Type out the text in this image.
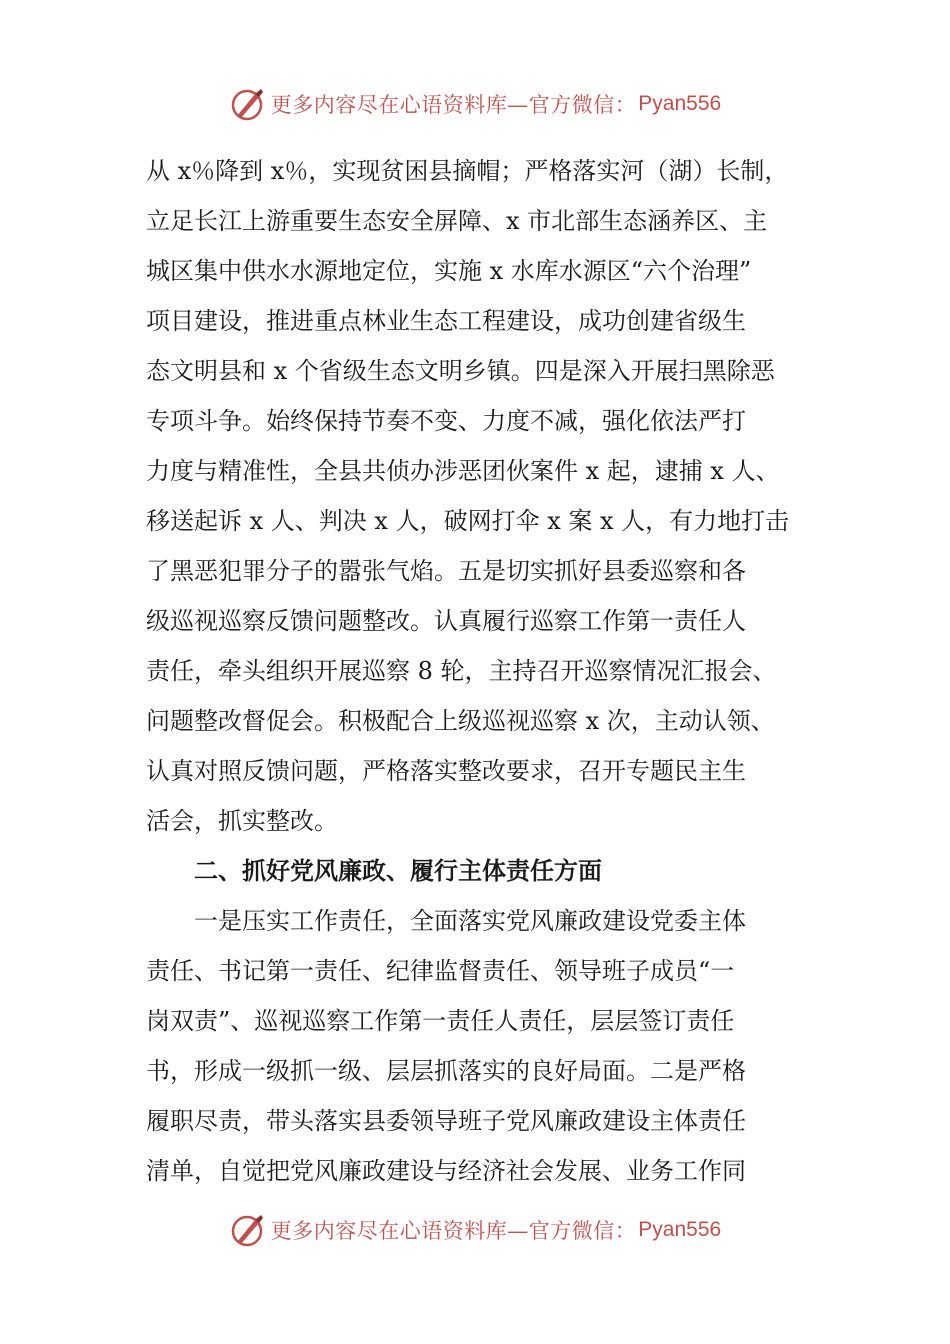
更多内容尽在心语资料库—官方微信： Pyan556
从 x％降到 x％，实现贫困县摘帽；严格落实河（湖）长制，
立足长江上游重要生态安全屏障、x 市北部生态涵养区、主
城区集中供水水源地定位，实施 x 水库水源区“六个治理”
项目建设，推进重点林业生态工程建设，成功创建省级生
态文明县和 x 个省级生态文明乡镇。四是深入开展扫黑除恶
专项斗争。始终保持节奏不变、力度不减，强化依法严打
力度与精准性，全县共侦办涉恶团伙案件 x 起，逮捕 x 人、
移送起诉 x 人、判决 x 人，破网打伞 x 案 x 人，有力地打击
了黑恶犯罪分子的嚣张气焰。五是切实抓好县委巡察和各
级巡视巡察反馈问题整改。认真履行巡察工作第一责任人
责任，牵头组织开展巡察 8 轮，主持召开巡察情况汇报会、
问题整改督促会。积极配合上级巡视巡察 x 次，主动认领、
认真对照反馈问题，严格落实整改要求，召开专题民主生
活会，抓实整改。
二、抓好党风廉政、履行主体责任方面
一是压实工作责任，全面落实党风廉政建设党委主体
责任、书记第一责任、纪律监督责任、领导班子成员“一
岗双责”、巡视巡察工作第一责任人责任，层层签订责任
书，形成一级抓一级、层层抓落实的良好局面。二是严格
履职尽责，带头落实县委领导班子党风廉政建设主体责任
清单，自觉把党风廉政建设与经济社会发展、业务工作同
更多内容尽在心语资料库—官方微信： Pyan556
